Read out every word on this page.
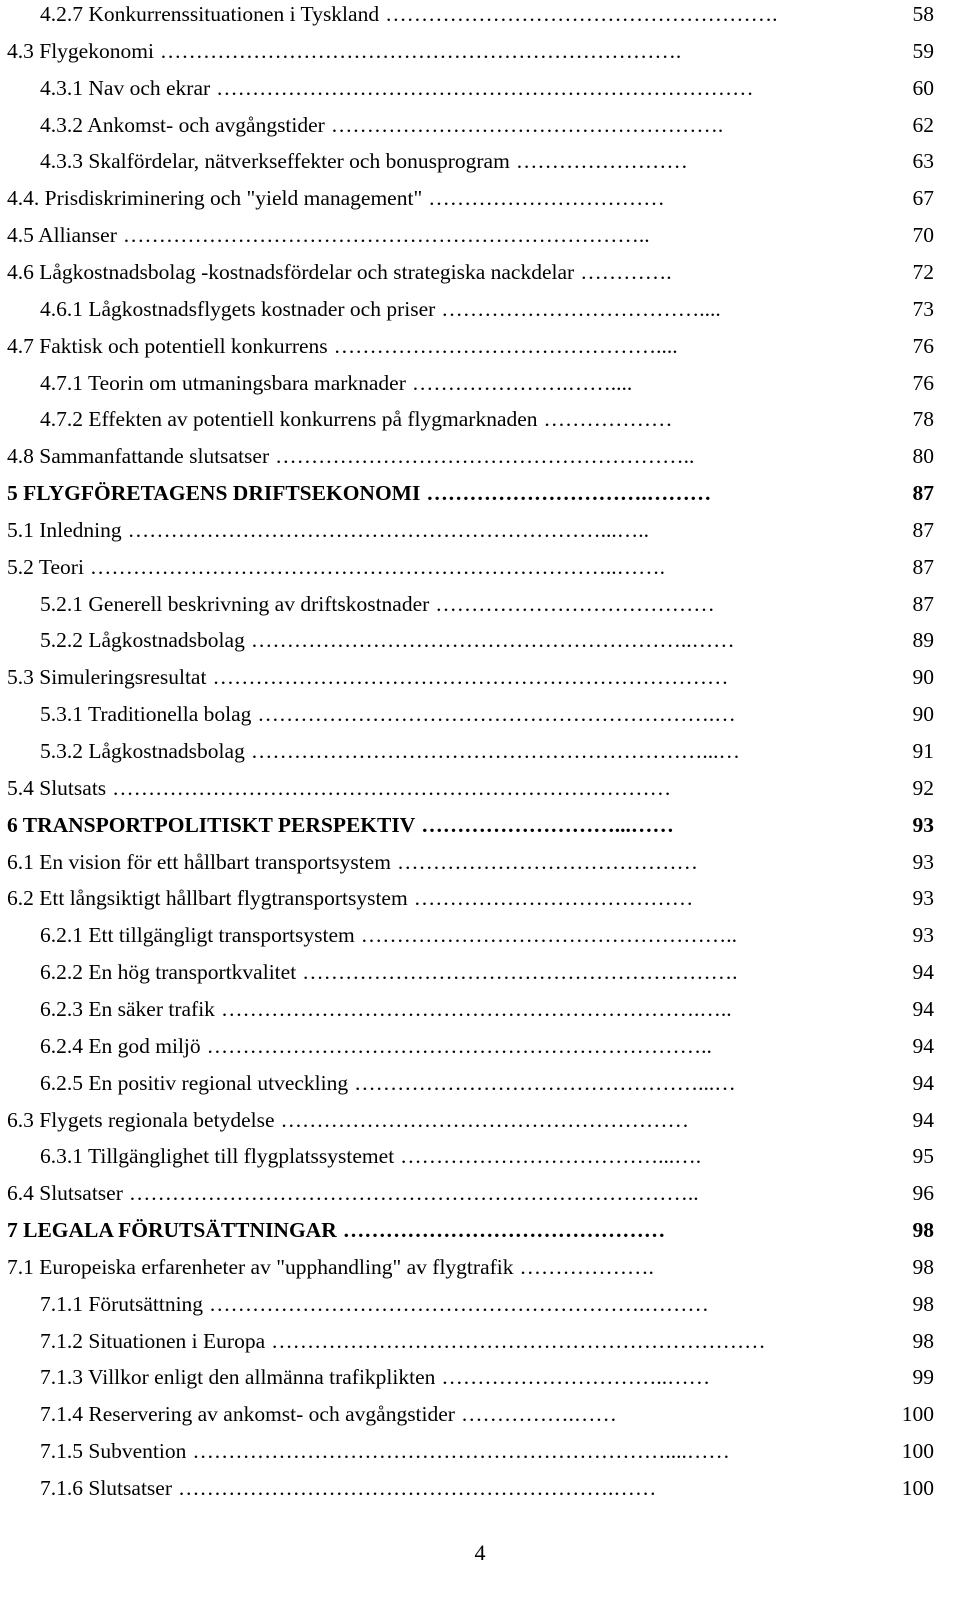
4.2.7 Konkurrenssituationen i Tyskland ……………………………………………….	58
4.3 Flygekonomi ……………………………………………………………….	59
4.3.1 Nav och ekrar …………………………………………………………………	60
4.3.2 Ankomst- och avgångstider ……………………………………………….	62
4.3.3 Skalfördelar, nätverkseffekter och bonusprogram ……………………	63
4.4. Prisdiskriminering och "yield management" ……………………………	67
4.5 Allianser ………………………………………………………………..	70
4.6 Lågkostnadsbolag -kostnadsfördelar och strategiska nackdelar ………….	72
4.6.1 Lågkostnadsflygets kostnader och priser ………………………………....	73
4.7 Faktisk och potentiell konkurrens ………………………………………....	76
4.7.1 Teorin om utmaningsbara marknader ………………….……....	76
4.7.2 Effekten av potentiell konkurrens på flygmarknaden ………………	78
4.8 Sammanfattande slutsatser …………………………………………………..	80
5 FLYGFÖRETAGENS DRIFTSEKONOMI ………………………….………	87
5.1 Inledning …………………………………………………………...…..	87
5.2 Teori ………………………………………………………………..…….	87
5.2.1 Generell beskrivning av driftskostnader …………………………………	87
5.2.2 Lågkostnadsbolag ……………………………………………………..……	89
5.3 Simuleringsresultat ………………………………………………………………	90
5.3.1 Traditionella bolag ……………………………………………………….…	90
5.3.2 Lågkostnadsbolag ………………………………………………………...…	91
5.4 Slutsats ……………………………………………………………………	92
6 TRANSPORTPOLITISKT PERSPEKTIV ………………………...……	93
6.1 En vision för ett hållbart transportsystem ……………………………………	93
6.2 Ett långsiktigt hållbart flygtransportsystem …………………………………	93
6.2.1 Ett tillgängligt transportsystem ……………………………………………..	93
6.2.2 En hög transportkvalitet …………………………………………………….	94
6.2.3 En säker trafik ………………………………………………………….…..	94
6.2.4 En god miljö ……………………………………………………………..	94
6.2.5 En positiv regional utveckling …………………………………………...…	94
6.3 Flygets regionala betydelse …………………………………………………	94
6.3.1 Tillgänglighet till flygplatssystemet ………………………………...….	95
6.4 Slutsatser ……………………………………………………………………..	96
7 LEGALA FÖRUTSÄTTNINGAR ………………………………………	98
7.1 Europeiska erfarenheter av "upphandling" av flygtrafik ……………….	98
7.1.1 Förutsättning …………………………………………………….………	98
7.1.2 Situationen i Europa ……………………………………………………………	98
7.1.3 Villkor enligt den allmänna trafikplikten …………………………..……	99
7.1.4 Reservering av ankomst- och avgångstider …………….……	100
7.1.5 Subvention …………………………………………………………....……	100
7.1.6 Slutsatser …………………………………………………….……	100
4
